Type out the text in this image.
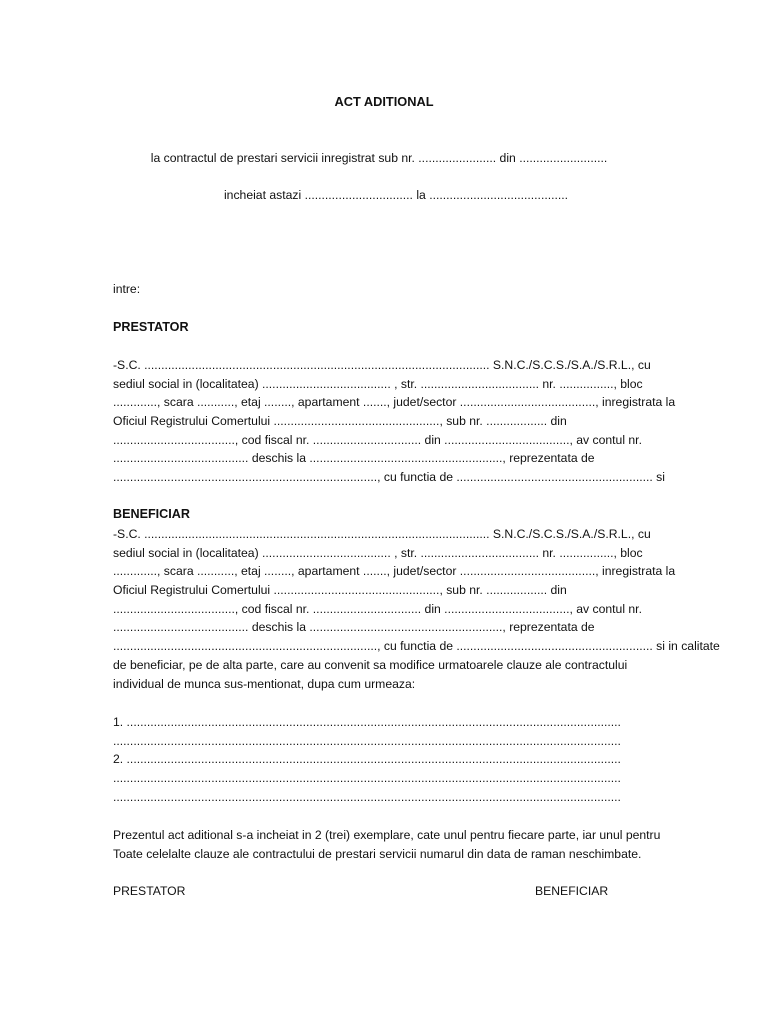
ACT ADITIONAL
la contractul de prestari servicii inregistrat sub nr. ....................... din ..........................
incheiat astazi ................................ la .........................................
intre:
PRESTATOR
-S.C. ...................................................................................................... S.N.C./S.C.S./S.A./S.R.L., cu
sediul social in (localitatea) ...................................... , str. ................................... nr. ................, bloc
............., scara ..........., etaj ........, apartament ......., judet/sector ........................................, inregistrata la
Oficiul Registrului Comertului ................................................., sub nr. .................. din
...................................., cod fiscal nr. ................................ din ....................................., av contul nr.
........................................ deschis la ........................................................., reprezentata de
.............................................................................., cu functia de .......................................................... si
BENEFICIAR
-S.C. ...................................................................................................... S.N.C./S.C.S./S.A./S.R.L., cu
sediul social in (localitatea) ...................................... , str. ................................... nr. ................, bloc
............., scara ..........., etaj ........, apartament ......., judet/sector ........................................, inregistrata la
Oficiul Registrului Comertului ................................................., sub nr. .................. din
...................................., cod fiscal nr. ................................ din ....................................., av contul nr.
........................................ deschis la ........................................................., reprezentata de
.............................................................................., cu functia de .......................................................... si in calitate
de beneficiar, pe de alta parte, care au convenit sa modifice urmatoarele clauze ale contractului
individual de munca sus-mentionat, dupa cum urmeaza:
1. ..................................................................................................................................................
......................................................................................................................................................
2. ..................................................................................................................................................
......................................................................................................................................................
......................................................................................................................................................
Prezentul act aditional s-a incheiat in 2 (trei) exemplare, cate unul pentru fiecare parte, iar unul pentru
Toate celelalte clauze ale contractului de prestari servicii numarul din data de raman neschimbate.
PRESTATOR	BENEFICIAR
